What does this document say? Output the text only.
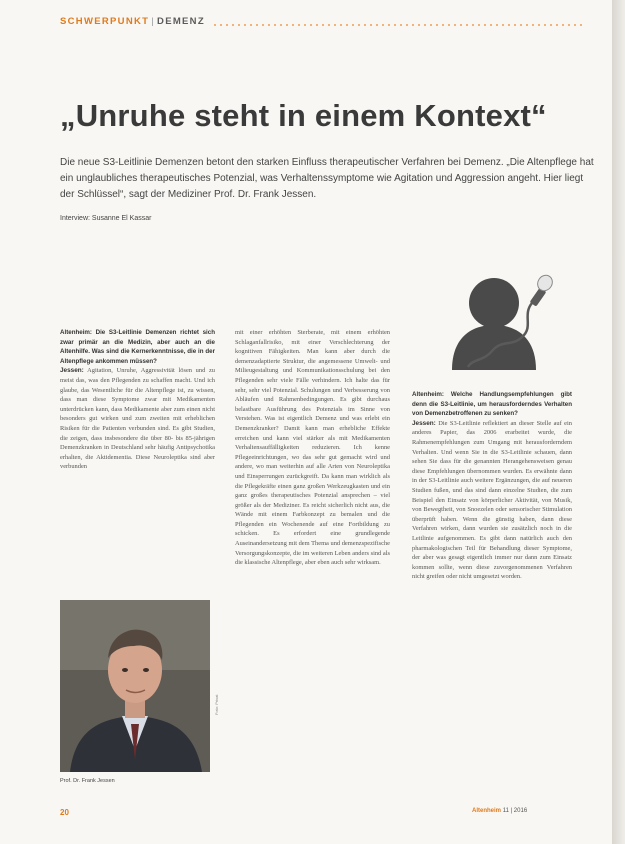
SCHWERPUNKT | DEMENZ
„Unruhe steht in einem Kontext“
Die neue S3-Leitlinie Demenzen betont den starken Einfluss therapeutischer Verfahren bei Demenz. „Die Altenpflege hat ein unglaubliches therapeutisches Potenzial, was Verhaltenssymptome wie Agitation und Aggression angeht. Hier liegt der Schlüssel“, sagt der Mediziner Prof. Dr. Frank Jessen.
Interview: Susanne El Kassar
Altenheim: Die S3-Leitlinie Demenzen richtet sich zwar primär an die Medizin, aber auch an die Altenhilfe. Was sind die Kernerkenntnisse, die in der Altenpflege ankommen müssen?
Jessen: Agitation, Unruhe, Aggressivität lösen und zu meist das, was den Pflegenden zu schaffen macht. Und ich glaube, das Wesentliche für die Altenpflege ist, zu wissen, dass man diese Symptome zwar mit Medikamenten unterdrücken kann, dass Medikamente aber zum einen nicht besonders gut wirken und zum zweiten mit erheblichen Risiken für die Patienten verbunden sind. Es gibt Studien, die zeigen, dass insbesondere die über 80- bis 85-jährigen Demenzkranken in Deutschland sehr häufig Antipsychotika erhalten, die Aktidementia. Diese Neuroleptika sind aber verbunden
mit einer erhöhten Sterberate, mit einem erhöhten Schlaganfallrisiko, mit einer Verschlechterung der kognitiven Fähigkeiten. Man kann aber durch die demenzadaptierte Struktur, die angemessene Umwelt- und Milieugestaltung und Kommunikationsschulung bei den Pflegenden sehr viele Fälle verhindern. Ich halte das für sehr, sehr viel Potenzial. Schulungen und Verbesserung von Abläufen und Rahmenbedingungen. Es gibt durchaus belastbare Ausführung des Potenzials im Sinne von Verstehen. Was ist eigentlich Demenz und was erlebt ein Demenzkranker? Damit kann man erhebliche Effekte erreichen und kann viel stärker als mit Medikamenten Verhaltensauffälligkeiten reduzieren. Ich kenne Pflegeeinrichtungen, wo das sehr gut gemacht wird und andere, wo man weiterhin auf alle Arten von Neuroleptika und Einsperrungen zurückgreift. Da kann man wirklich als die Pflegekräfte einen ganz großen Werkzeugkasten und ein ganz großes therapeutisches Potenzial ansprechen – viel größer als der Mediziner. Es reicht sicherlich nicht aus, die Wände mit einem Farbkonzept zu bemalen und die Pflegenden ein Wochenende auf eine Fortbildung zu schicken. Es erfordert eine grundlegende Auseinandersetzung mit dem Thema und demenzspezifische Versorgungskonzepte, die im weiteren Leben anders sind als die klassische Altenpflege, aber eben auch sehr wirksam.
Altenheim: Welche Handlungsempfehlungen gibt denn die S3-Leitlinie, um herausforderndes Verhalten von Demenzbetroffenen zu senken?
Jessen: Die S3-Leitlinie reflektiert an dieser Stelle auf ein anderes Papier, das 2006 erarbeitet wurde, die Rahmenempfehlungen zum Umgang mit herausforderndem Verhalten. Und wenn Sie in die S3-Leitlinie schauen, dann sehen Sie dass für die genannten Herangehensweisen genau diese Empfehlungen übernommen wurden. Es erwähnte dann in der S3-Leitlinie auch weitere Ergänzungen, die auf neueren Studien fußen, und das sind dann einzelne Studien, die zum Beispiel den Einsatz von körperlicher Aktivität, von Musik, von Bewegtheit, von Snoezelen oder sensorischer Stimulation überprüft haben. Wenn die günstig haben, dann diese Verfahren wirken, dann wurden sie zusätzlich noch in die Leitlinie aufgenommen. Es gibt dann natürlich auch den pharmakologischen Teil für Behandlung dieser Symptome, der aber was gesagt eigentlich immer nur dann zum Einsatz kommen sollte, wenn diese zuvorgenommenen Verfahren nicht greifen oder nicht umgesetzt worden.
Foto: Privat
Prof. Dr. Frank Jessen
20	Altenheim 11 | 2016
